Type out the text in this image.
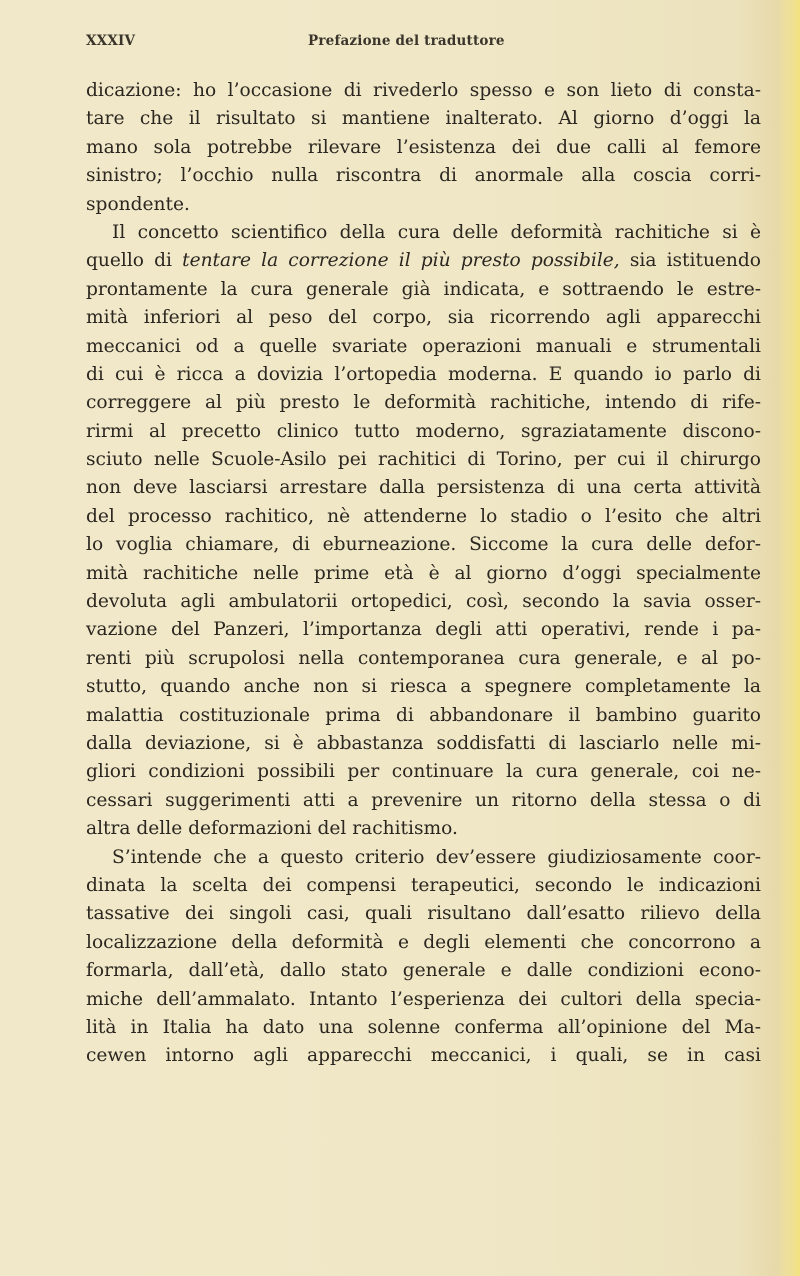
XXXIV	Prefazione del traduttore
dicazione: ho l’occasione di rivederlo spesso e son lieto di consta-
tare che il risultato si mantiene inalterato. Al giorno d’oggi la
mano sola potrebbe rilevare l’esistenza dei due calli al femore
sinistro; l’occhio nulla riscontra di anormale alla coscia corri-
spondente.
Il concetto scientifico della cura delle deformità rachitiche si è
quello di tentare la correzione il più presto possibile, sia istituendo
prontamente la cura generale già indicata, e sottraendo le estre-
mità inferiori al peso del corpo, sia ricorrendo agli apparecchi
meccanici od a quelle svariate operazioni manuali e strumentali
di cui è ricca a dovizia l’ortopedia moderna. E quando io parlo di
correggere al più presto le deformità rachitiche, intendo di rife-
rirmi al precetto clinico tutto moderno, sgraziatamente discono-
sciuto nelle Scuole-Asilo pei rachitici di Torino, per cui il chirurgo
non deve lasciarsi arrestare dalla persistenza di una certa attività
del processo rachitico, nè attenderne lo stadio o l’esito che altri
lo voglia chiamare, di eburneazione. Siccome la cura delle defor-
mità rachitiche nelle prime età è al giorno d’oggi specialmente
devoluta agli ambulatorii ortopedici, così, secondo la savia osser-
vazione del Panzeri, l’importanza degli atti operativi, rende i pa-
renti più scrupolosi nella contemporanea cura generale, e al po-
stutto, quando anche non si riesca a spegnere completamente la
malattia costituzionale prima di abbandonare il bambino guarito
dalla deviazione, si è abbastanza soddisfatti di lasciarlo nelle mi-
gliori condizioni possibili per continuare la cura generale, coi ne-
cessari suggerimenti atti a prevenire un ritorno della stessa o di
altra delle deformazioni del rachitismo.
S’intende che a questo criterio dev’essere giudiziosamente coor-
dinata la scelta dei compensi terapeutici, secondo le indicazioni
tassative dei singoli casi, quali risultano dall’esatto rilievo della
localizzazione della deformità e degli elementi che concorrono a
formarla, dall’età, dallo stato generale e dalle condizioni econo-
miche dell’ammalato. Intanto l’esperienza dei cultori della specia-
lità in Italia ha dato una solenne conferma all’opinione del Ma-
cewen intorno agli apparecchi meccanici, i quali, se in casi
